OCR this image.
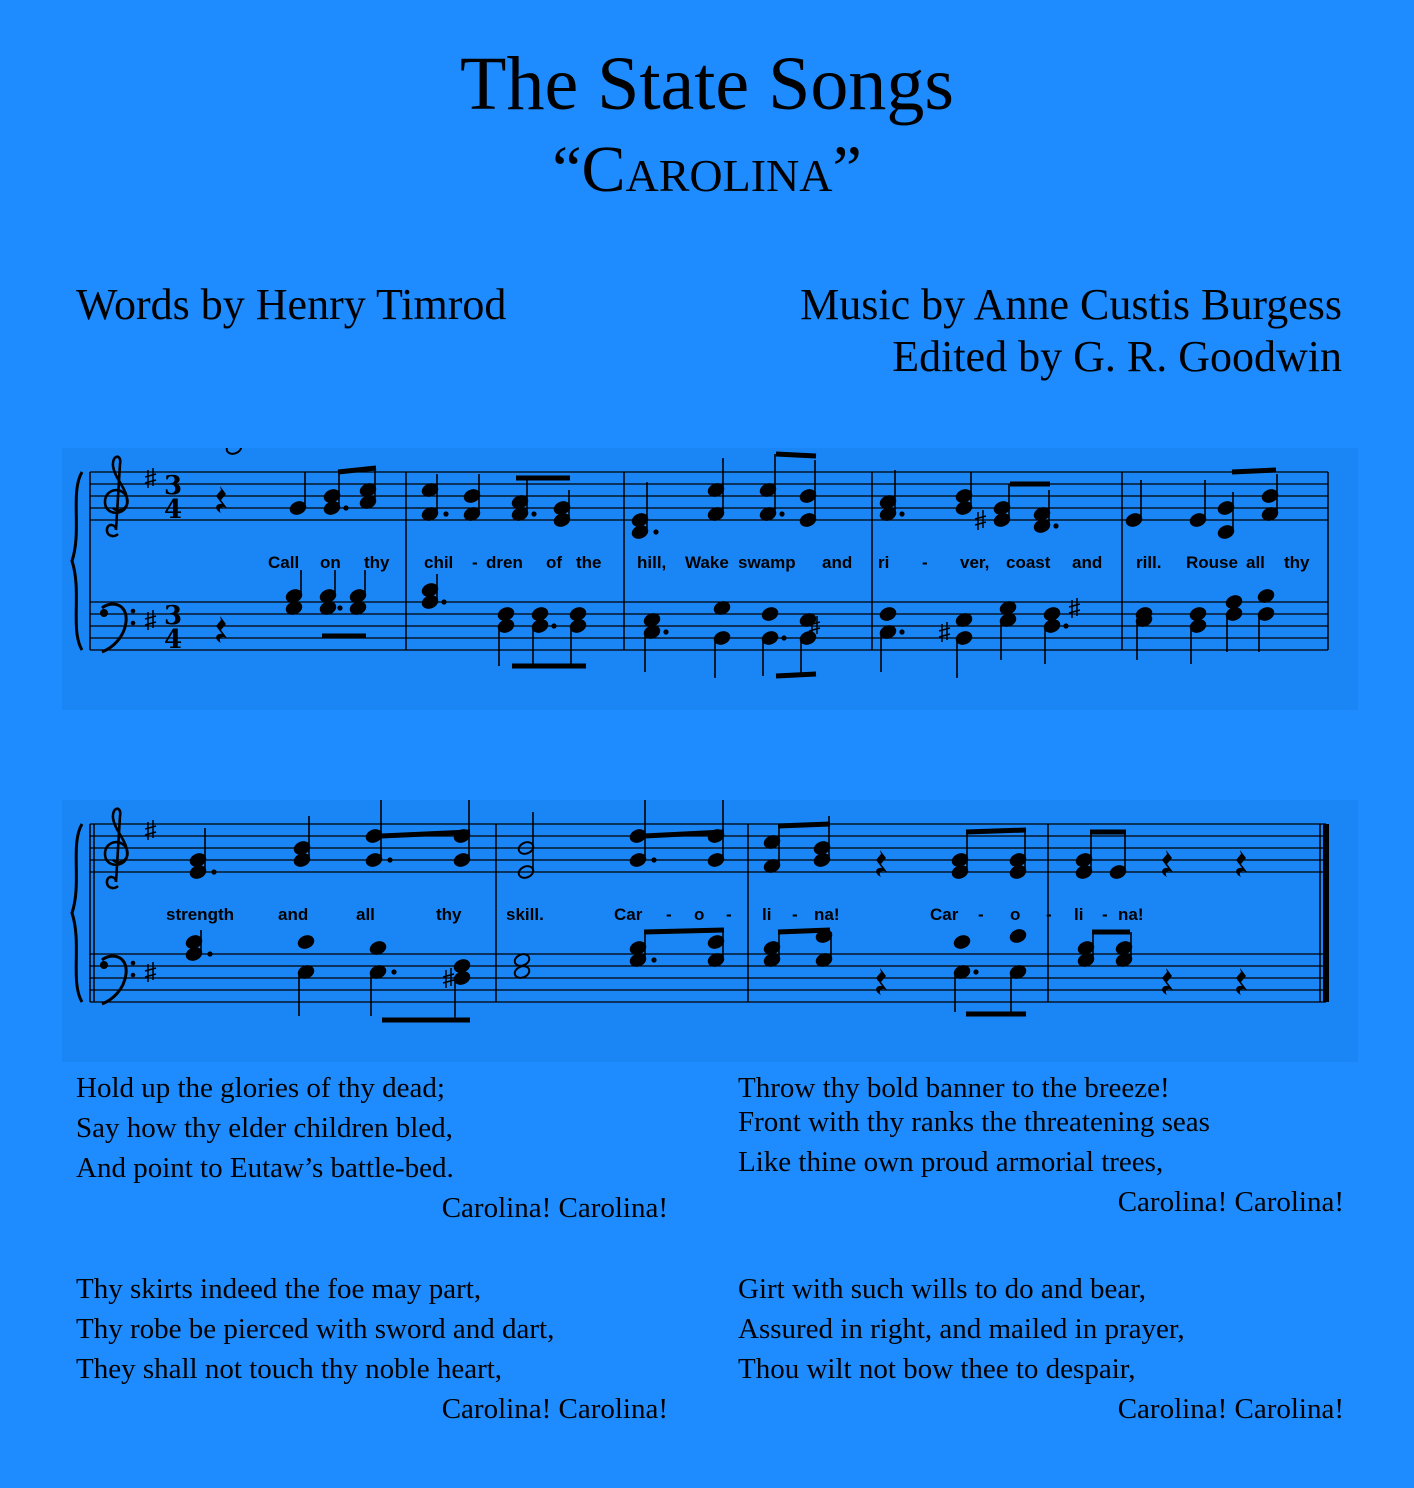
The State Songs
“Carolina”
Words by Henry Timrod	Music by Anne Custis Burgess
Edited by G. R. Goodwin
3
4
3
4
Call on thy chil - dren of the hill, Wake swamp and ri - ver, coast and rill. Rouse all thy
strength	and	all	thy	skill.	Car - o - li - na!	Car - o - li - na!
Hold up the glories of thy dead;
Say how thy elder children bled,
And point to Eutaw’s battle-bed.
Carolina! Carolina!
Throw thy bold banner to the breeze!
Front with thy ranks the threatening seas
Like thine own proud armorial trees,
Carolina! Carolina!
Thy skirts indeed the foe may part,
Thy robe be pierced with sword and dart,
They shall not touch thy noble heart,
Carolina! Carolina!
Girt with such wills to do and bear,
Assured in right, and mailed in prayer,
Thou wilt not bow thee to despair,
Carolina! Carolina!
